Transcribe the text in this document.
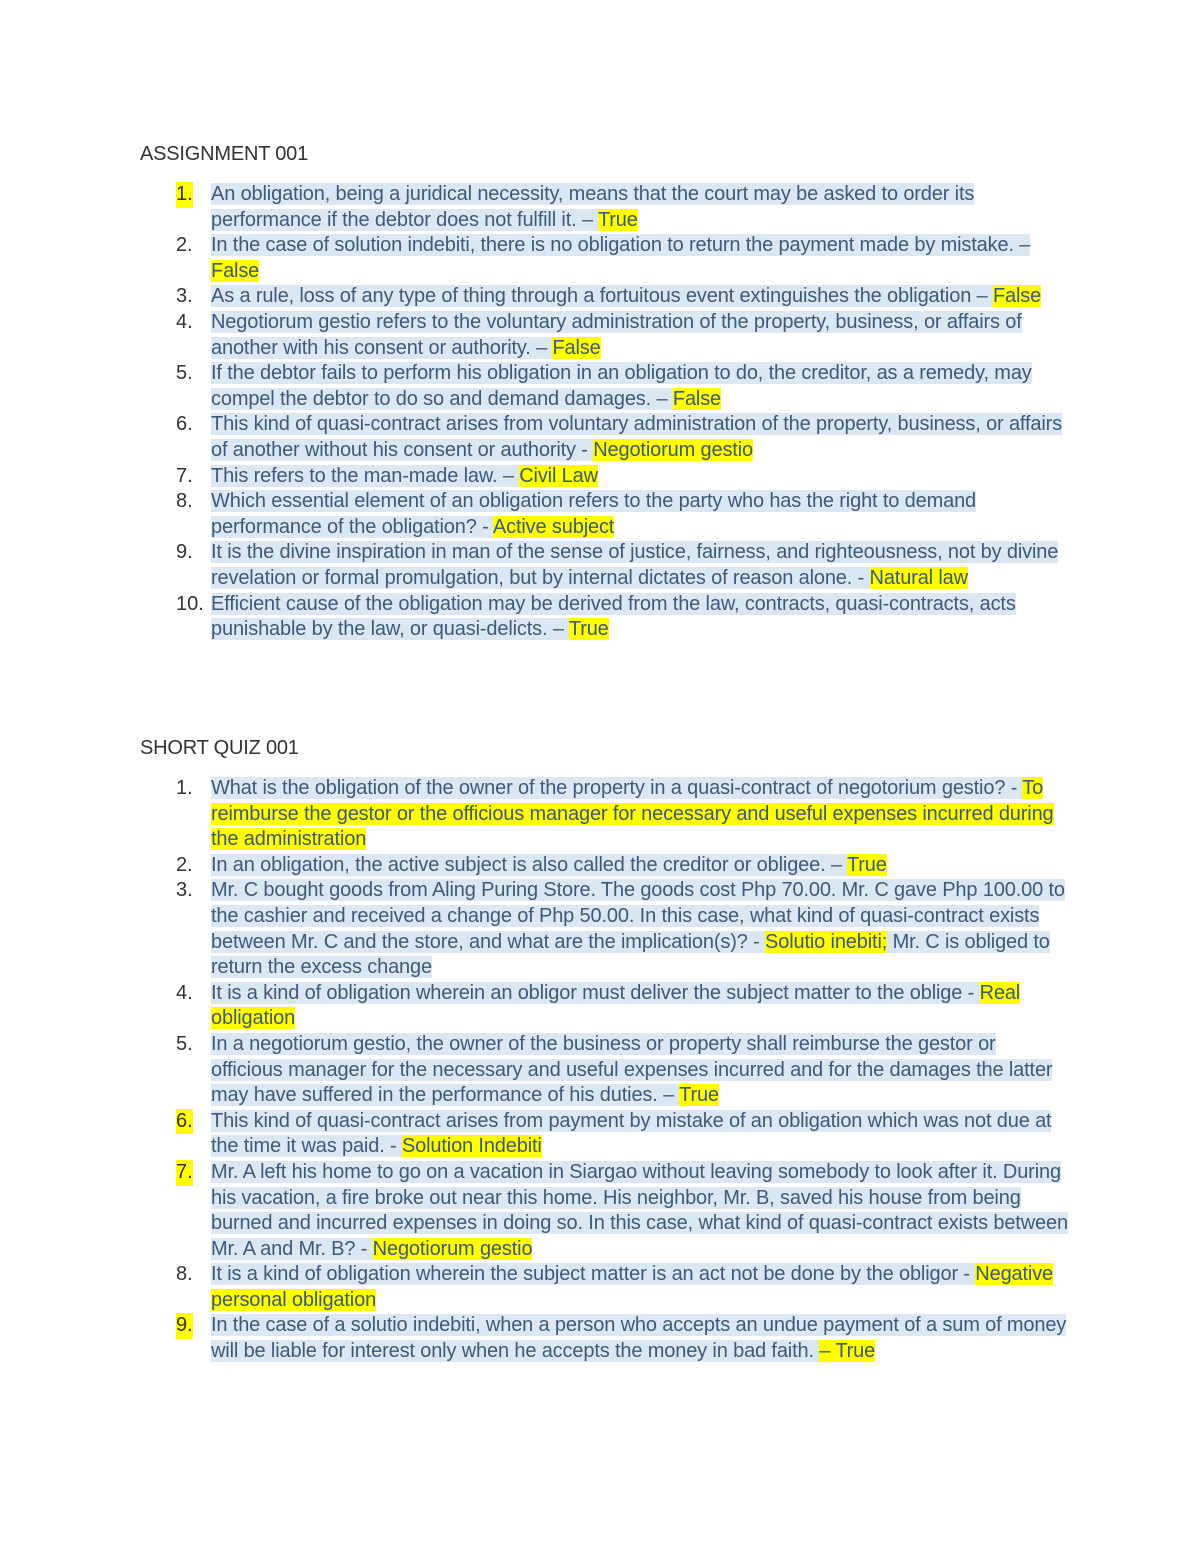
ASSIGNMENT 001
1. An obligation, being a juridical necessity, means that the court may be asked to order its performance if the debtor does not fulfill it. – True
2. In the case of solution indebiti, there is no obligation to return the payment made by mistake. – False
3. As a rule, loss of any type of thing through a fortuitous event extinguishes the obligation – False
4. Negotiorum gestio refers to the voluntary administration of the property, business, or affairs of another with his consent or authority. – False
5. If the debtor fails to perform his obligation in an obligation to do, the creditor, as a remedy, may compel the debtor to do so and demand damages. – False
6. This kind of quasi-contract arises from voluntary administration of the property, business, or affairs of another without his consent or authority - Negotiorum gestio
7. This refers to the man-made law. – Civil Law
8. Which essential element of an obligation refers to the party who has the right to demand performance of the obligation? - Active subject
9. It is the divine inspiration in man of the sense of justice, fairness, and righteousness, not by divine revelation or formal promulgation, but by internal dictates of reason alone. - Natural law
10. Efficient cause of the obligation may be derived from the law, contracts, quasi-contracts, acts punishable by the law, or quasi-delicts. – True
SHORT QUIZ 001
1. What is the obligation of the owner of the property in a quasi-contract of negotorium gestio? - To reimburse the gestor or the officious manager for necessary and useful expenses incurred during the administration
2. In an obligation, the active subject is also called the creditor or obligee. – True
3. Mr. C bought goods from Aling Puring Store. The goods cost Php 70.00. Mr. C gave Php 100.00 to the cashier and received a change of Php 50.00. In this case, what kind of quasi-contract exists between Mr. C and the store, and what are the implication(s)? - Solutio inebiti; Mr. C is obliged to return the excess change
4. It is a kind of obligation wherein an obligor must deliver the subject matter to the oblige - Real obligation
5. In a negotiorum gestio, the owner of the business or property shall reimburse the gestor or officious manager for the necessary and useful expenses incurred and for the damages the latter may have suffered in the performance of his duties. – True
6. This kind of quasi-contract arises from payment by mistake of an obligation which was not due at the time it was paid. - Solution Indebiti
7. Mr. A left his home to go on a vacation in Siargao without leaving somebody to look after it. During his vacation, a fire broke out near this home. His neighbor, Mr. B, saved his house from being burned and incurred expenses in doing so. In this case, what kind of quasi-contract exists between Mr. A and Mr. B? - Negotiorum gestio
8. It is a kind of obligation wherein the subject matter is an act not be done by the obligor - Negative personal obligation
9. In the case of a solutio indebiti, when a person who accepts an undue payment of a sum of money will be liable for interest only when he accepts the money in bad faith. – True
